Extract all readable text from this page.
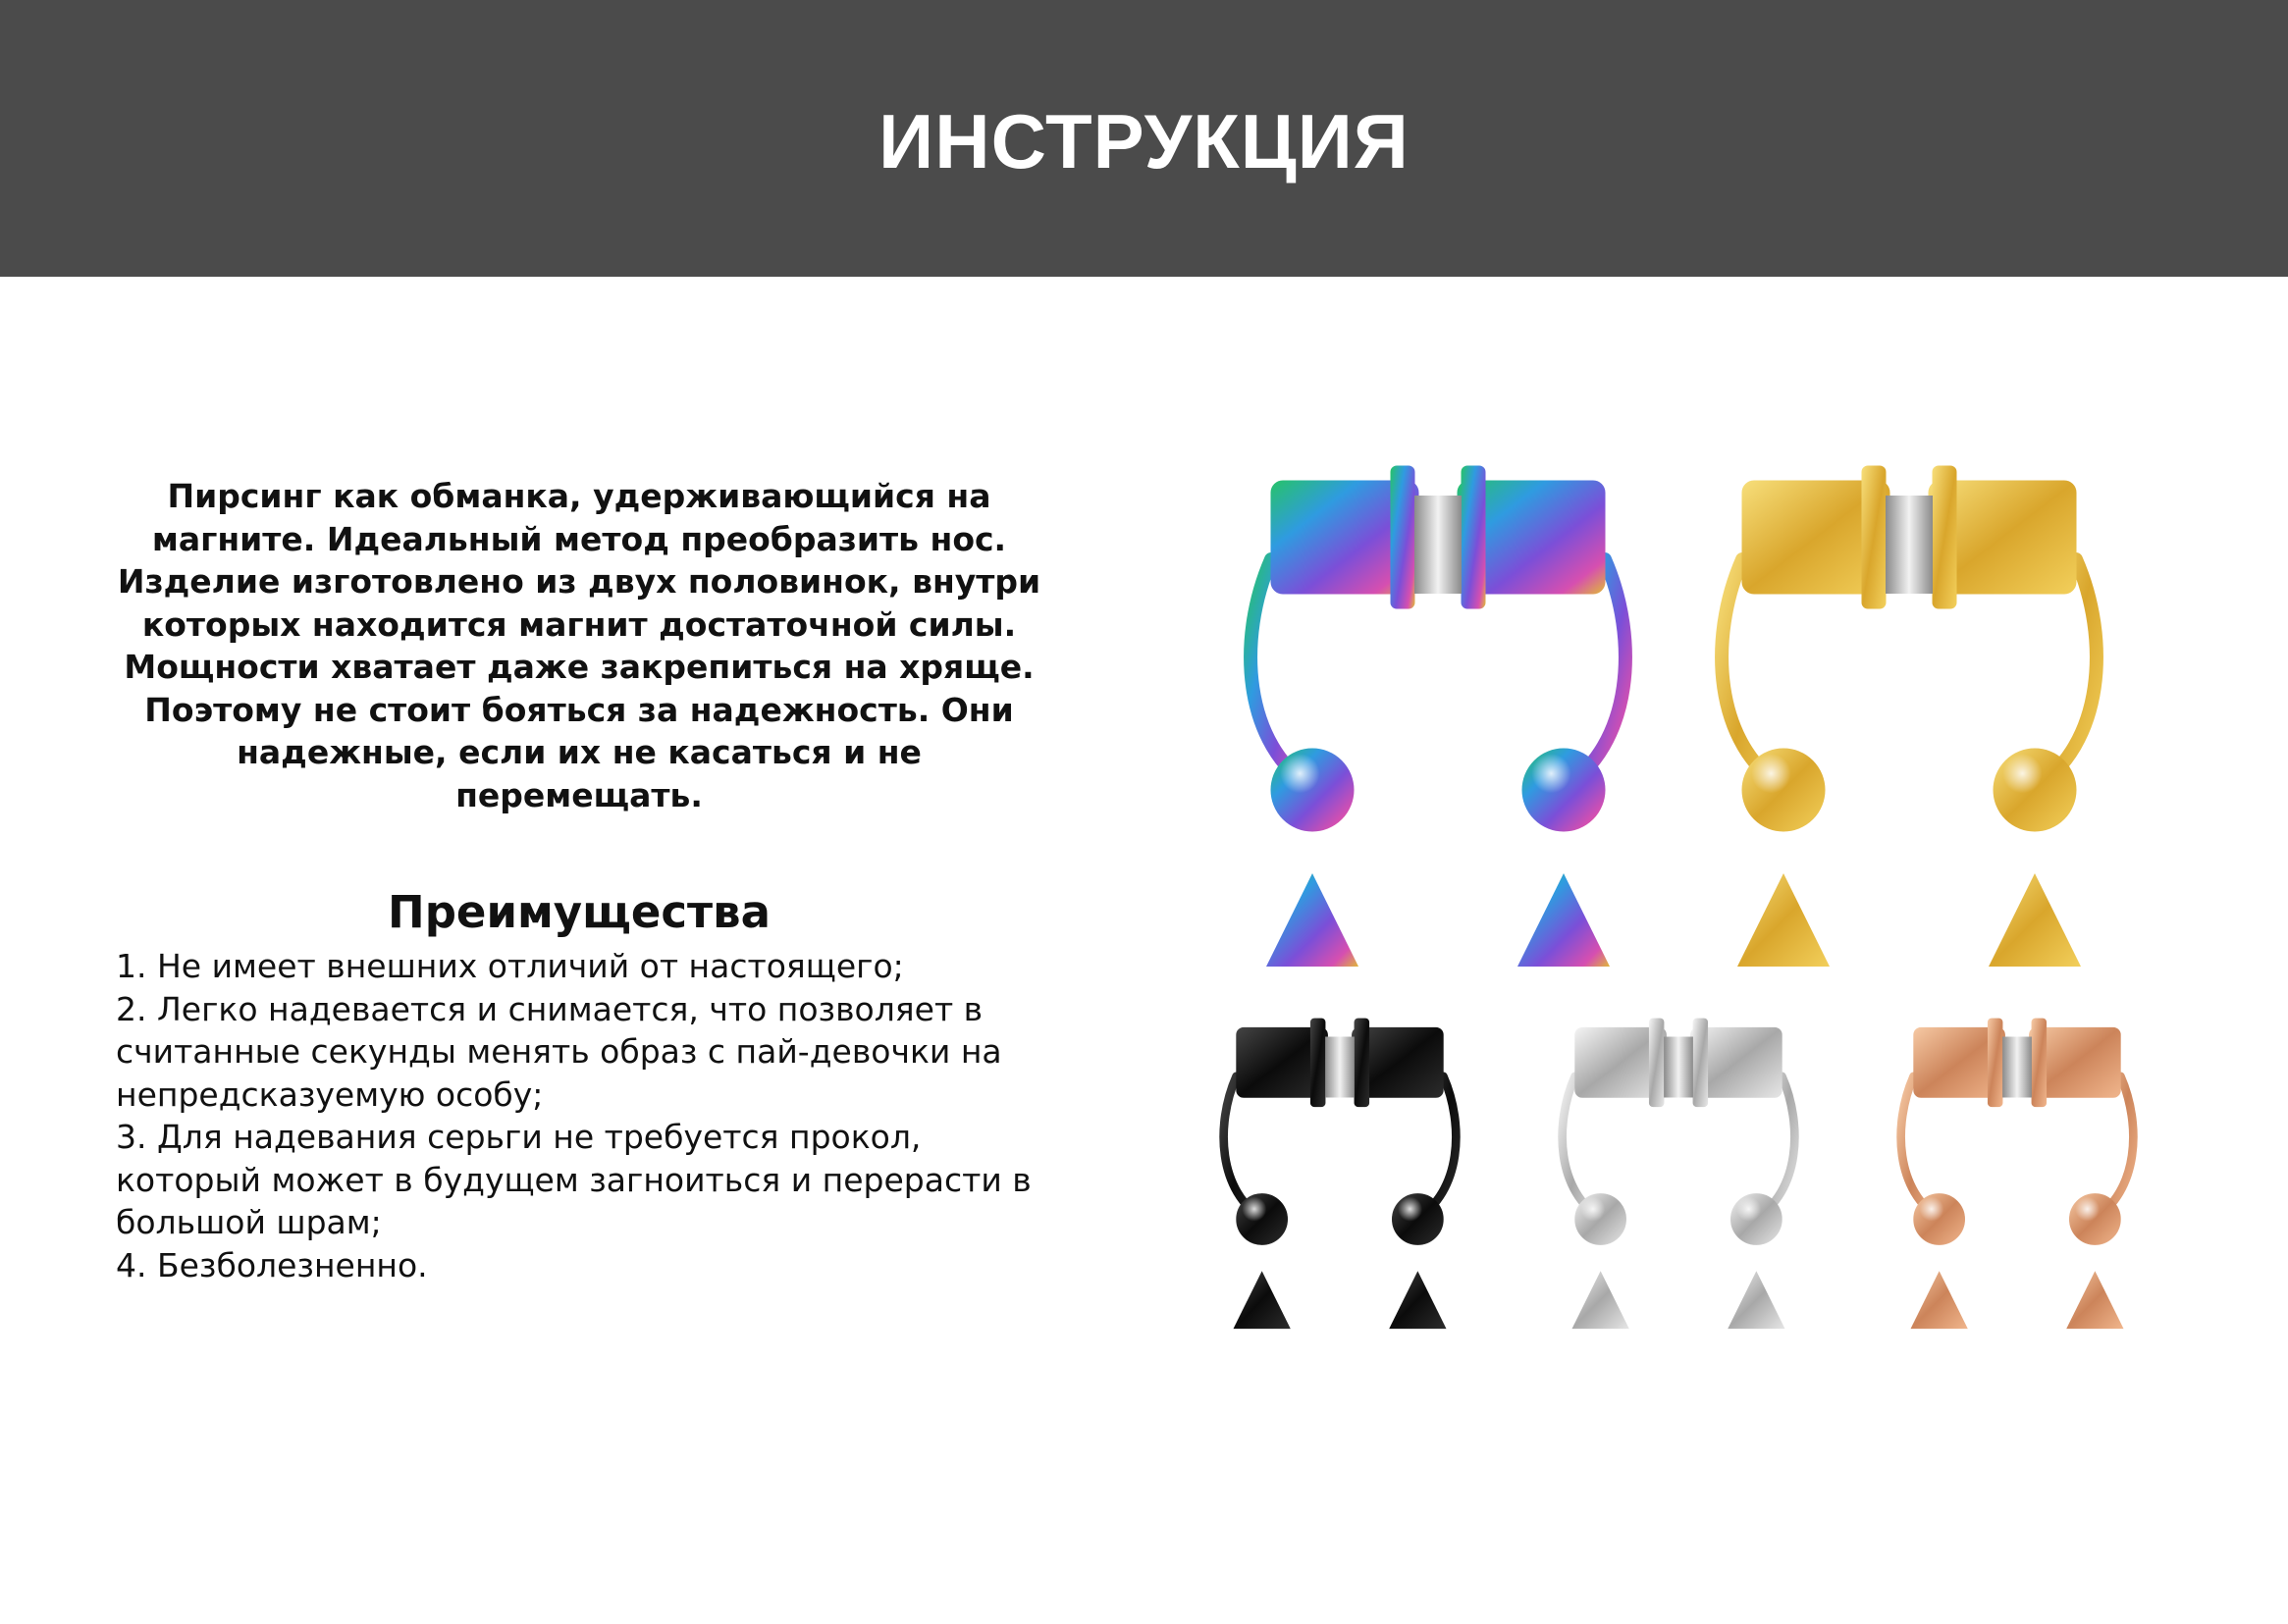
ИНСТРУКЦИЯ

Пирсинг как обманка, удерживающийся на магните. Идеальный метод преобразить нос. Изделие изготовлено из двух половинок, внутри которых находится магнит достаточной силы. Мощности хватает даже закрепиться на хряще. Поэтому не стоит бояться за надежность. Они надежные, если их не касаться и не перемещать.

Преимущества
1. Не имеет внешних отличий от настоящего;
2. Легко надевается и снимается, что позволяет в считанные секунды менять образ с пай-девочки на непредсказуемую особу;
3. Для надевания серьги не требуется прокол, который может в будущем загноиться и перерасти в большой шрам;
4. Безболезненно.
